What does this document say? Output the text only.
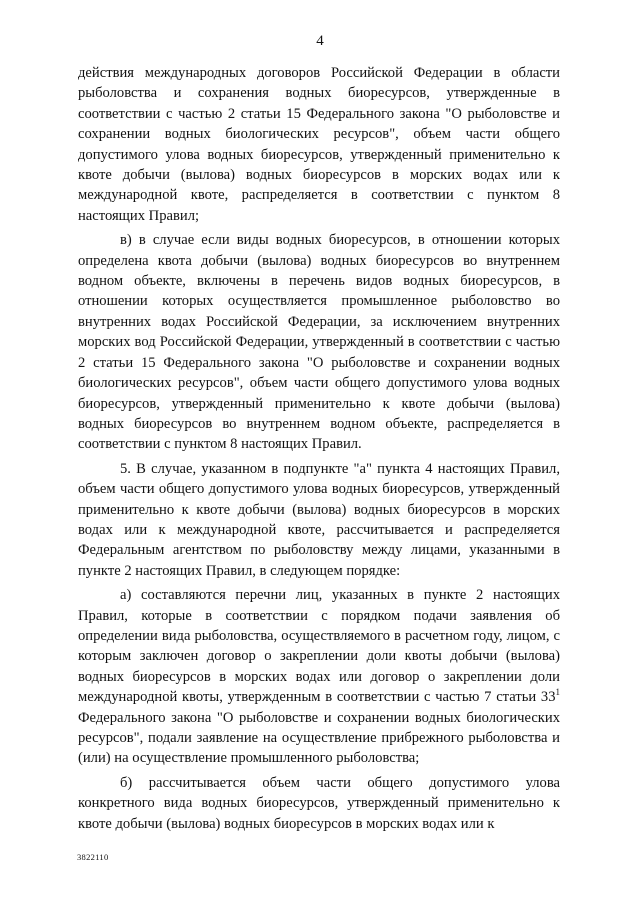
4

действия международных договоров Российской Федерации в области рыболовства и сохранения водных биоресурсов, утвержденные в соответствии с частью 2 статьи 15 Федерального закона "О рыболовстве и сохранении водных биологических ресурсов", объем части общего допустимого улова водных биоресурсов, утвержденный применительно к квоте добычи (вылова) водных биоресурсов в морских водах или к международной квоте, распределяется в соответствии с пунктом 8 настоящих Правил;

в) в случае если виды водных биоресурсов, в отношении которых определена квота добычи (вылова) водных биоресурсов во внутреннем водном объекте, включены в перечень видов водных биоресурсов, в отношении которых осуществляется промышленное рыболовство во внутренних водах Российской Федерации, за исключением внутренних морских вод Российской Федерации, утвержденный в соответствии с частью 2 статьи 15 Федерального закона "О рыболовстве и сохранении водных биологических ресурсов", объем части общего допустимого улова водных биоресурсов, утвержденный применительно к квоте добычи (вылова) водных биоресурсов во внутреннем водном объекте, распределяется в соответствии с пунктом 8 настоящих Правил.

5. В случае, указанном в подпункте "а" пункта 4 настоящих Правил, объем части общего допустимого улова водных биоресурсов, утвержденный применительно к квоте добычи (вылова) водных биоресурсов в морских водах или к международной квоте, рассчитывается и распределяется Федеральным агентством по рыболовству между лицами, указанными в пункте 2 настоящих Правил, в следующем порядке:

а) составляются перечни лиц, указанных в пункте 2 настоящих Правил, которые в соответствии с порядком подачи заявления об определении вида рыболовства, осуществляемого в расчетном году, лицом, с которым заключен договор о закреплении доли квоты добычи (вылова) водных биоресурсов в морских водах или договор о закреплении доли международной квоты, утвержденным в соответствии с частью 7 статьи 33$^1$ Федерального закона "О рыболовстве и сохранении водных биологических ресурсов", подали заявление на осуществление прибрежного рыболовства и (или) на осуществление промышленного рыболовства;

б) рассчитывается объем части общего допустимого улова конкретного вида водных биоресурсов, утвержденный применительно к квоте добычи (вылова) водных биоресурсов в морских водах или к

3822110
